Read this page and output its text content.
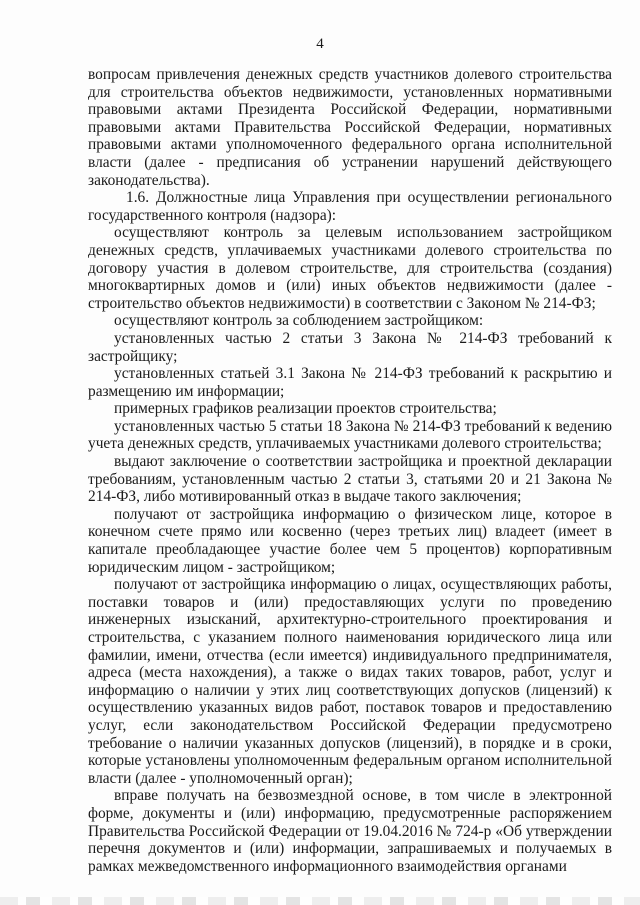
4

вопросам привлечения денежных средств участников долевого строительства для строительства объектов недвижимости, установленных нормативными правовыми актами Президента Российской Федерации, нормативными правовыми актами Правительства Российской Федерации, нормативных правовыми актами уполномоченного федерального органа исполнительной власти (далее - предписания об устранении нарушений действующего законодательства).

1.6. Должностные лица Управления при осуществлении регионального государственного контроля (надзора):

осуществляют контроль за целевым использованием застройщиком денежных средств, уплачиваемых участниками долевого строительства по договору участия в долевом строительстве, для строительства (создания) многоквартирных домов и (или) иных объектов недвижимости (далее - строительство объектов недвижимости) в соответствии с Законом № 214-ФЗ;

осуществляют контроль за соблюдением застройщиком:

установленных частью 2 статьи 3 Закона № 214-ФЗ требований к застройщику;

установленных статьей 3.1 Закона № 214-ФЗ требований к раскрытию и размещению им информации;

примерных графиков реализации проектов строительства;

установленных частью 5 статьи 18 Закона № 214-ФЗ требований к ведению учета денежных средств, уплачиваемых участниками долевого строительства;

выдают заключение о соответствии застройщика и проектной декларации требованиям, установленным частью 2 статьи 3, статьями 20 и 21 Закона № 214-ФЗ, либо мотивированный отказ в выдаче такого заключения;

получают от застройщика информацию о физическом лице, которое в конечном счете прямо или косвенно (через третьих лиц) владеет (имеет в капитале преобладающее участие более чем 5 процентов) корпоративным юридическим лицом - застройщиком;

получают от застройщика информацию о лицах, осуществляющих работы, поставки товаров и (или) предоставляющих услуги по проведению инженерных изысканий, архитектурно-строительного проектирования и строительства, с указанием полного наименования юридического лица или фамилии, имени, отчества (если имеется) индивидуального предпринимателя, адреса (места нахождения), а также о видах таких товаров, работ, услуг и информацию о наличии у этих лиц соответствующих допусков (лицензий) к осуществлению указанных видов работ, поставок товаров и предоставлению услуг, если законодательством Российской Федерации предусмотрено требование о наличии указанных допусков (лицензий), в порядке и в сроки, которые установлены уполномоченным федеральным органом исполнительной власти (далее - уполномоченный орган);

вправе получать на безвозмездной основе, в том числе в электронной форме, документы и (или) информацию, предусмотренные распоряжением Правительства Российской Федерации от 19.04.2016 № 724-р «Об утверждении перечня документов и (или) информации, запрашиваемых и получаемых в рамках межведомственного информационного взаимодействия органами
